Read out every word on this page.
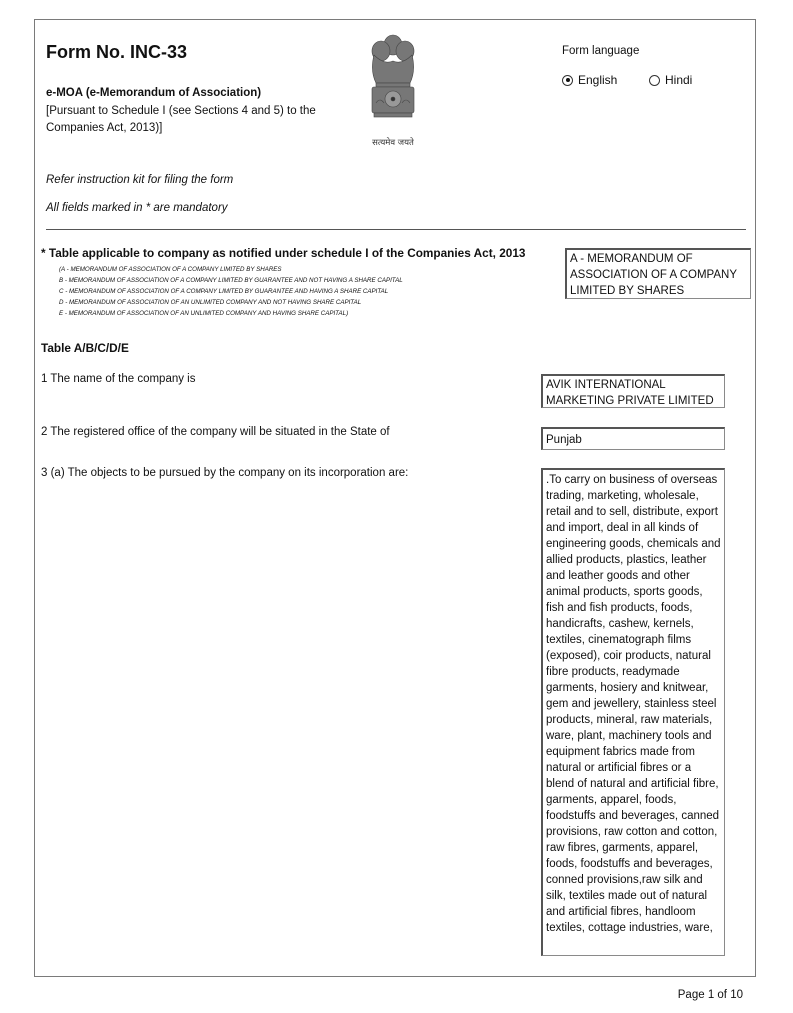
Form No. INC-33
e-MOA (e-Memorandum of Association)
[Pursuant to Schedule I (see Sections 4 and 5) to the Companies Act, 2013)]
सत्यमेव जयते
Form language
English	Hindi
Refer instruction kit for filing the form
All fields marked in * are mandatory
* Table applicable to company as notified under schedule I of the Companies Act, 2013
(A - MEMORANDUM OF ASSOCIATION OF A COMPANY LIMITED BY SHARES
B - MEMORANDUM OF ASSOCIATION OF A COMPANY LIMITED BY GUARANTEE AND NOT HAVING A SHARE CAPITAL
C - MEMORANDUM OF ASSOCIATION OF A COMPANY LIMITED BY GUARANTEE AND HAVING A SHARE CAPITAL
D - MEMORANDUM OF ASSOCIATION OF AN UNLIMITED COMPANY AND NOT HAVING SHARE CAPITAL
E - MEMORANDUM OF ASSOCIATION OF AN UNLIMITED COMPANY AND HAVING SHARE CAPITAL)
A - MEMORANDUM OF ASSOCIATION OF A COMPANY LIMITED BY SHARES
Table A/B/C/D/E
1 The name of the company is	AVIK INTERNATIONAL MARKETING PRIVATE LIMITED
2 The registered office of the company will be situated in the State of
Punjab
3 (a) The objects to be pursued by the company on its incorporation are:
.To carry on business of overseas trading, marketing, wholesale, retail and to sell, distribute, export and import, deal in all kinds of engineering goods, chemicals and allied products, plastics, leather and leather goods and other animal products, sports goods, fish and fish products, foods, handicrafts, cashew, kernels, textiles, cinematograph films (exposed), coir products, natural fibre products, readymade garments, hosiery and knitwear, gem and jewellery, stainless steel products, mineral, raw materials, ware, plant, machinery tools and equipment fabrics made from natural or artificial fibres or a blend of natural and artificial fibre, garments, apparel, foods, foodstuffs and beverages, canned provisions, raw cotton and cotton, raw fibres, garments, apparel, foods, foodstuffs and beverages, conned provisions,raw silk and silk, textiles made out of natural and artificial fibres, handloom textiles, cottage industries, ware,
Page 1 of 10
